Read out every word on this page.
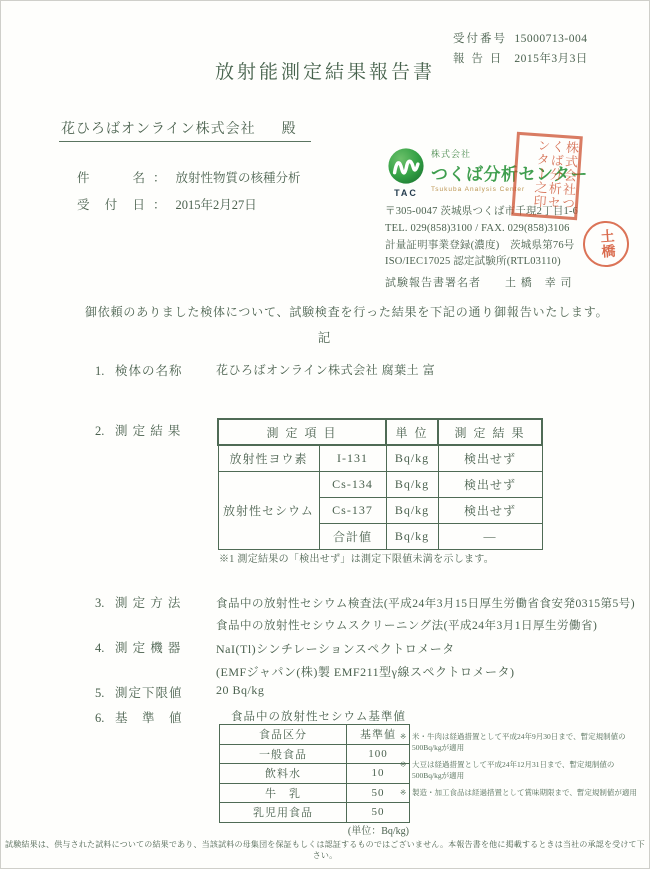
受付番号 15000713-004
報 告 日 2015年3月3日
放射能測定結果報告書
花ひろばオンライン株式会社 殿
件　名 ： 放射性物質の核種分析
受 付 日 ： 2015年2月27日
TAC
株式会社
つくば分析センター
Tsukuba Analysis Center
〒305-0047 茨城県つくば市千現2丁目1-6
TEL. 029(858)3100 / FAX. 029(858)3106
計量証明事業登録(濃度)　茨城県第76号
ISO/IEC17025 認定試験所(RTL03110)
試験報告書署名者　　土 橋　幸 司
株式会社つくば分析センター之印
土橋
御依頼のありました検体について、試験検査を行った結果を下記の通り御報告いたします。
記
1. 検体の名称	花ひろばオンライン株式会社 腐葉土 富
2. 測 定 結 果	測 定 項 目		単 位	測 定 結 果
放射性ヨウ素	I-131	Bq/kg	検出せず
放射性セシウム	Cs-134	Bq/kg	検出せず
	Cs-137	Bq/kg	検出せず
	合計値	Bq/kg	―
※1 測定結果の「検出せず」は測定下限値未満を示します。
3. 測 定 方 法	食品中の放射性セシウム検査法(平成24年3月15日厚生労働省食安発0315第5号)
食品中の放射性セシウムスクリーニング法(平成24年3月1日厚生労働省)
4. 測 定 機 器	NaI(Tl)シンチレーションスペクトロメータ
(EMFジャパン(株)製 EMF211型γ線スペクトロメータ)
5. 測定下限値	20 Bq/kg
6. 基　準　値	食品中の放射性セシウム基準値
食品区分	基準値
一般食品	100
飲料水	10
牛　乳	50
乳児用食品	50
(単位：Bq/kg)
※ 米・牛肉は経過措置として平成24年9月30日まで、暫定規制値の500Bq/kgが適用
※ 大豆は経過措置として平成24年12月31日まで、暫定規制値の500Bq/kgが適用
※ 製造・加工食品は経過措置として賞味期限まで、暫定規制値が適用
試験結果は、供与された試料についての結果であり、当該試料の母集団を保証もしくは認証するものではございません。本報告書を他に掲載するときは当社の承認を受けて下さい。
